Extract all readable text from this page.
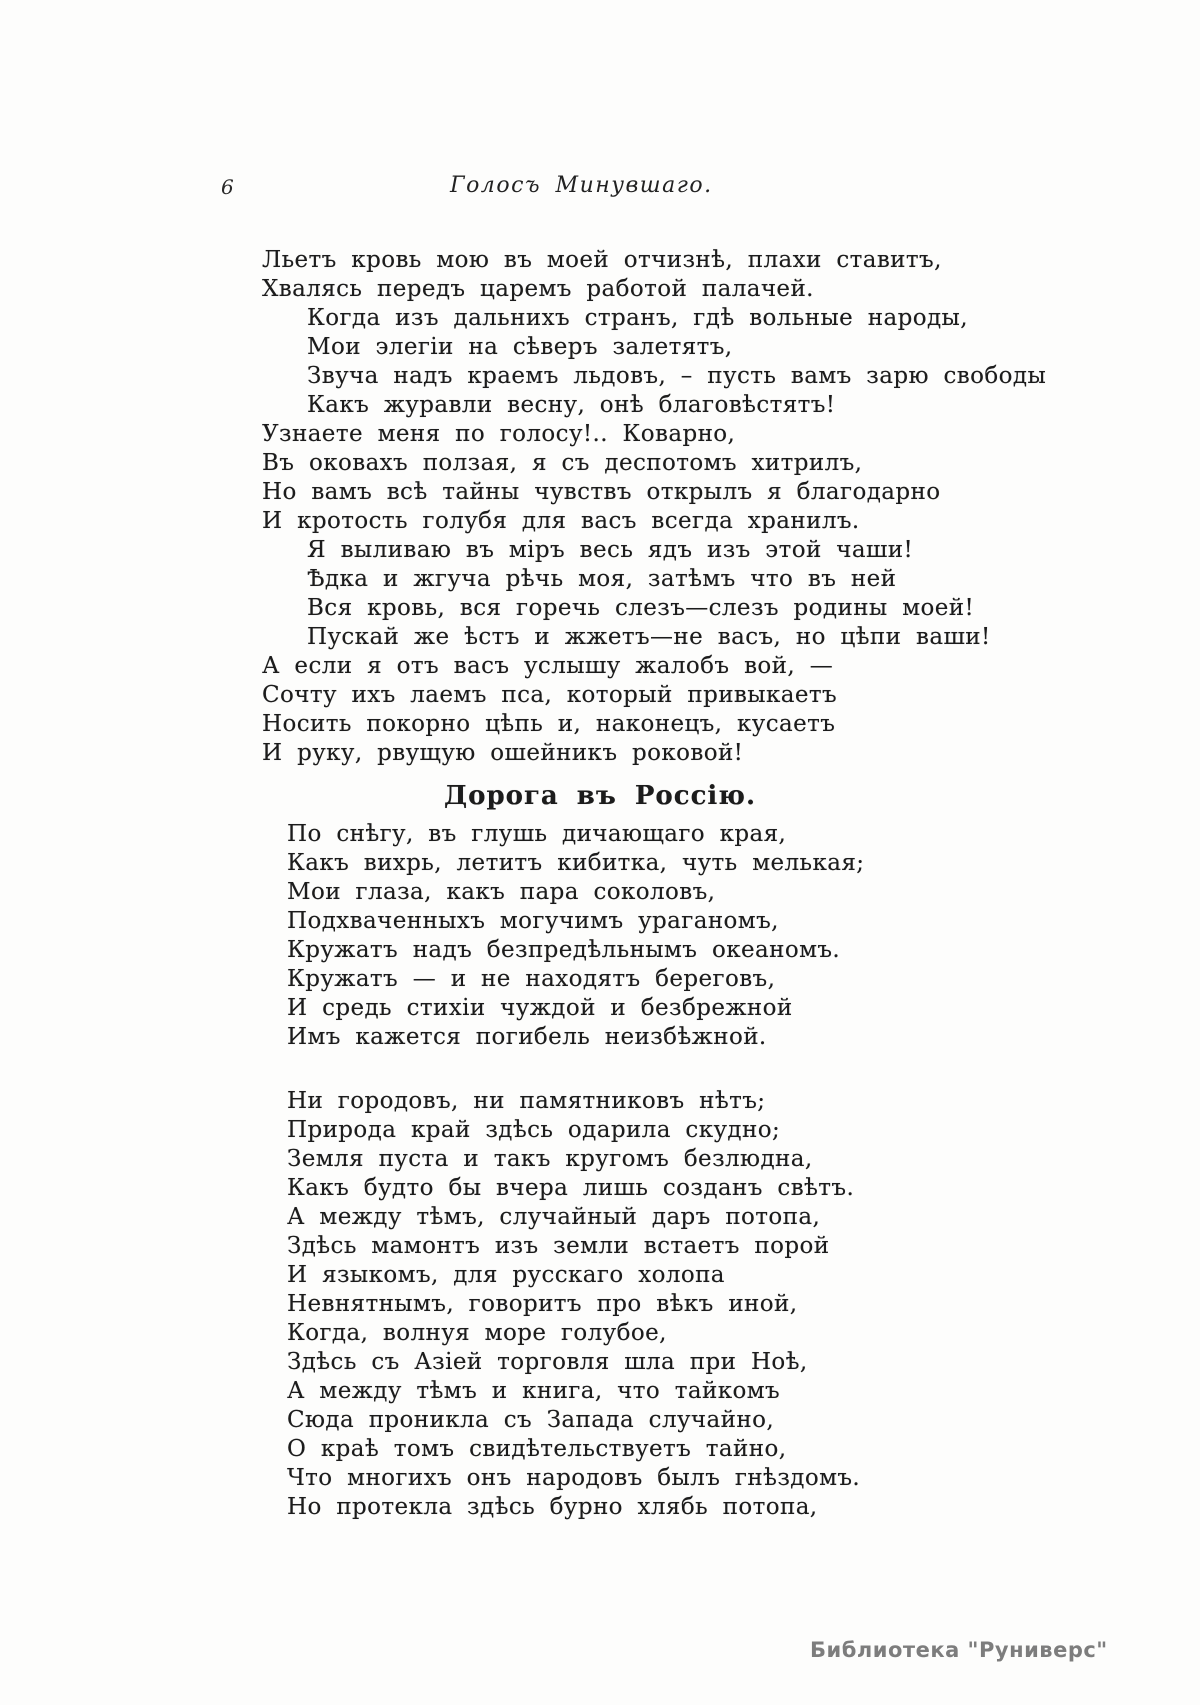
6	Голосъ Минувшаго.
Льетъ кровь мою въ моей отчизнѣ, плахи ставитъ,
Хвалясь передъ царемъ работой палачей.
Когда изъ дальнихъ странъ, гдѣ вольные народы,
Мои элегіи на сѣверъ залетятъ,
Звуча надъ краемъ льдовъ, – пусть вамъ зарю свободы
Какъ журавли весну, онѣ благовѣстятъ!
Узнаете меня по голосу!.. Коварно,
Въ оковахъ ползая, я съ деспотомъ хитрилъ,
Но вамъ всѣ тайны чувствъ открылъ я благодарно
И кротость голубя для васъ всегда хранилъ.
Я выливаю въ міръ весь ядъ изъ этой чаши!
Ѣдка и жгуча рѣчь моя, затѣмъ что въ ней
Вся кровь, вся горечь слезъ—слезъ родины моей!
Пускай же ѣстъ и жжетъ—не васъ, но цѣпи ваши!
А если я отъ васъ услышу жалобъ вой, —
Сочту ихъ лаемъ пса, который привыкаетъ
Носить покорно цѣпь и, наконецъ, кусаетъ
И руку, рвущую ошейникъ роковой!
Дорога въ Россію.
По снѣгу, въ глушь дичающаго края,
Какъ вихрь, летитъ кибитка, чуть мелькая;
Мои глаза, какъ пара соколовъ,
Подхваченныхъ могучимъ ураганомъ,
Кружатъ надъ безпредѣльнымъ океаномъ.
Кружатъ — и не находятъ береговъ,
И средь стихіи чуждой и безбрежной
Имъ кажется погибель неизбѣжной.
Ни городовъ, ни памятниковъ нѣтъ;
Природа край здѣсь одарила скудно;
Земля пуста и такъ кругомъ безлюдна,
Какъ будто бы вчера лишь созданъ свѣтъ.
А между тѣмъ, случайный даръ потопа,
Здѣсь мамонтъ изъ земли встаетъ порой
И языкомъ, для русскаго холопа
Невнятнымъ, говоритъ про вѣкъ иной,
Когда, волнуя море голубое,
Здѣсь съ Азіей торговля шла при Ноѣ,
А между тѣмъ и книга, что тайкомъ
Сюда проникла съ Запада случайно,
О краѣ томъ свидѣтельствуетъ тайно,
Что многихъ онъ народовъ былъ гнѣздомъ.
Но протекла здѣсь бурно хлябь потопа,
Библиотека "Руниверс"
